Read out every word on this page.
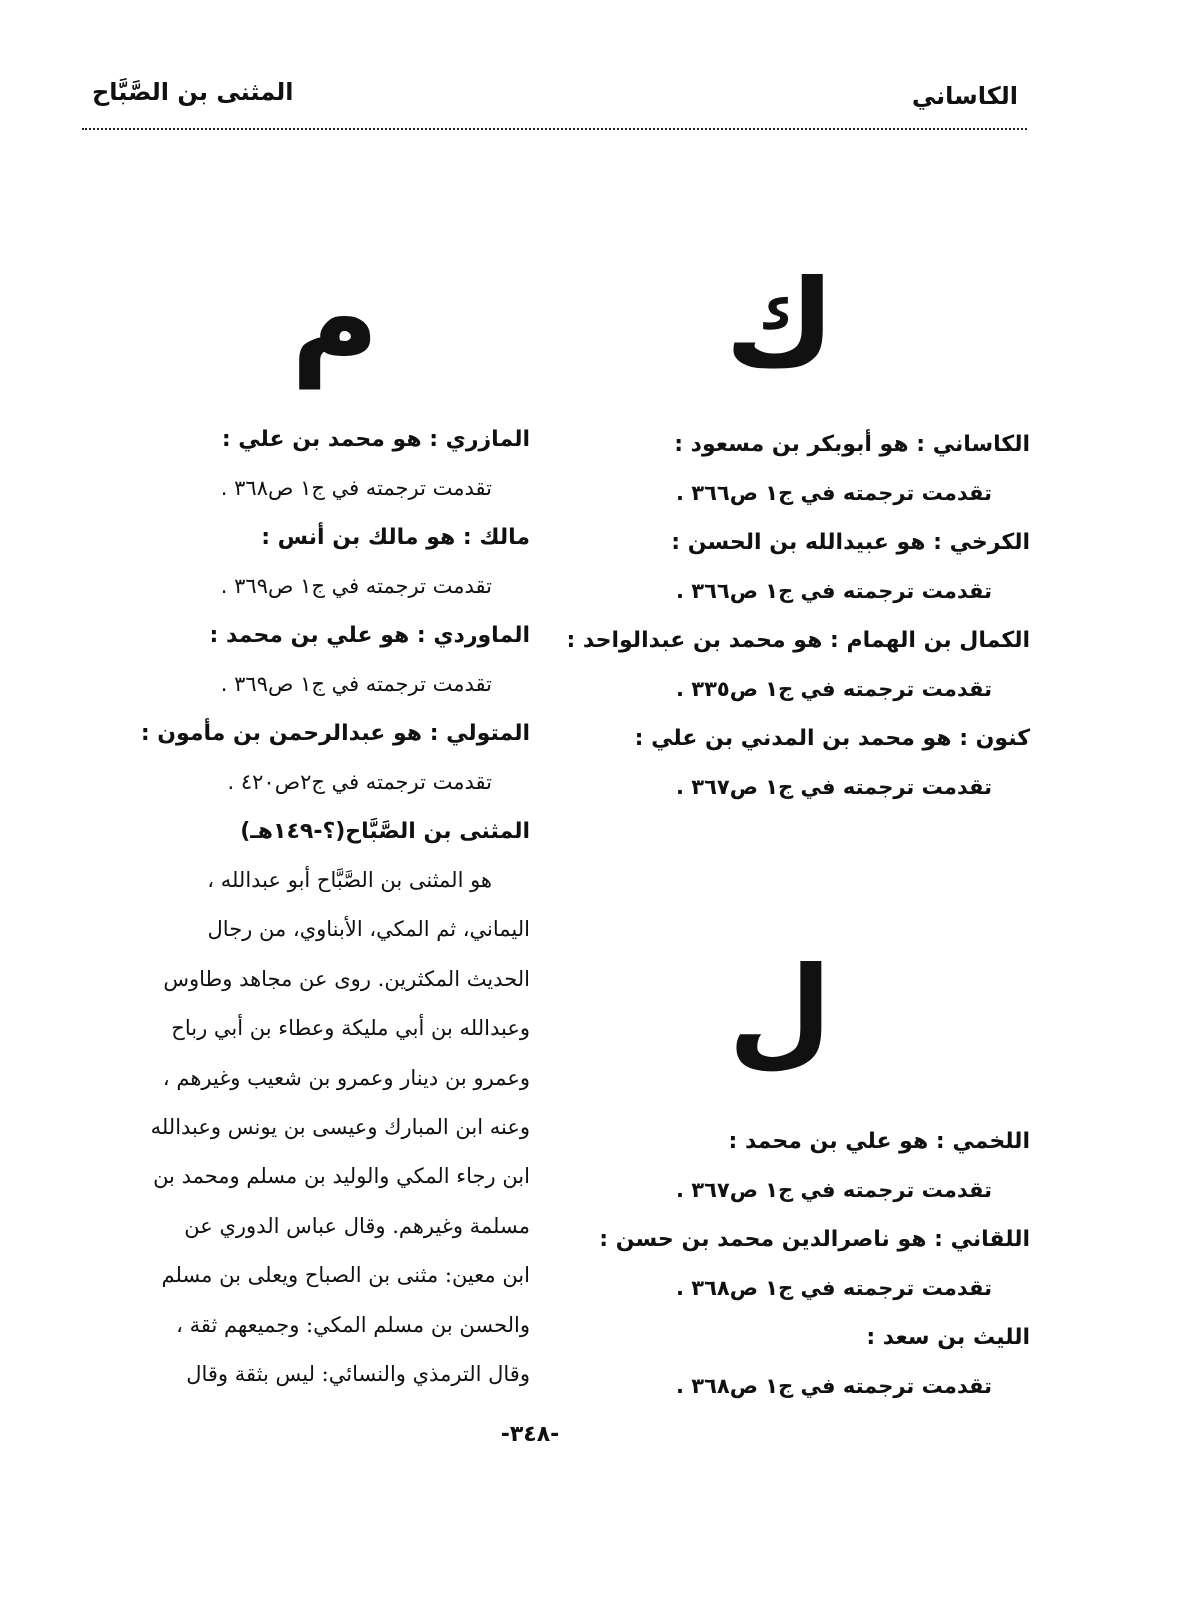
الكاساني
المثنى بن الصَّبَّاح
ك
الكاساني : هو أبوبكر بن مسعود :
تقدمت ترجمته في ج١ ص٣٦٦ .
الكرخي : هو عبيدالله بن الحسن :
تقدمت ترجمته في ج١ ص٣٦٦ .
الكمال بن الهمام : هو محمد بن عبدالواحد :
تقدمت ترجمته في ج١ ص٣٣٥ .
كنون : هو محمد بن المدني بن علي :
تقدمت ترجمته في ج١ ص٣٦٧ .
ل
اللخمي : هو علي بن محمد :
تقدمت ترجمته في ج١ ص٣٦٧ .
اللقاني : هو ناصرالدين محمد بن حسن :
تقدمت ترجمته في ج١ ص٣٦٨ .
الليث بن سعد :
تقدمت ترجمته في ج١ ص٣٦٨ .
م
المازري : هو محمد بن علي :
تقدمت ترجمته في ج١ ص٣٦٨ .
مالك : هو مالك بن أنس :
تقدمت ترجمته في ج١ ص٣٦٩ .
الماوردي : هو علي بن محمد :
تقدمت ترجمته في ج١ ص٣٦٩ .
المتولي : هو عبدالرحمن بن مأمون :
تقدمت ترجمته في ج٢ص٤٢٠ .
المثنى بن الصَّبَّاح(؟-١٤٩هـ)
هو المثنى بن الصَّبَّاح أبو عبدالله ،
اليماني، ثم المكي، الأبناوي، من رجال
الحديث المكثرين. روى عن مجاهد وطاوس
وعبدالله بن أبي مليكة وعطاء بن أبي رباح
وعمرو بن دينار وعمرو بن شعيب وغيرهم ،
وعنه ابن المبارك وعيسى بن يونس وعبدالله
ابن رجاء المكي والوليد بن مسلم ومحمد بن
مسلمة وغيرهم. وقال عباس الدوري عن
ابن معين: مثنى بن الصباح ويعلى بن مسلم
والحسن بن مسلم المكي: وجميعهم ثقة ،
وقال الترمذي والنسائي: ليس بثقة وقال
-٣٤٨-
